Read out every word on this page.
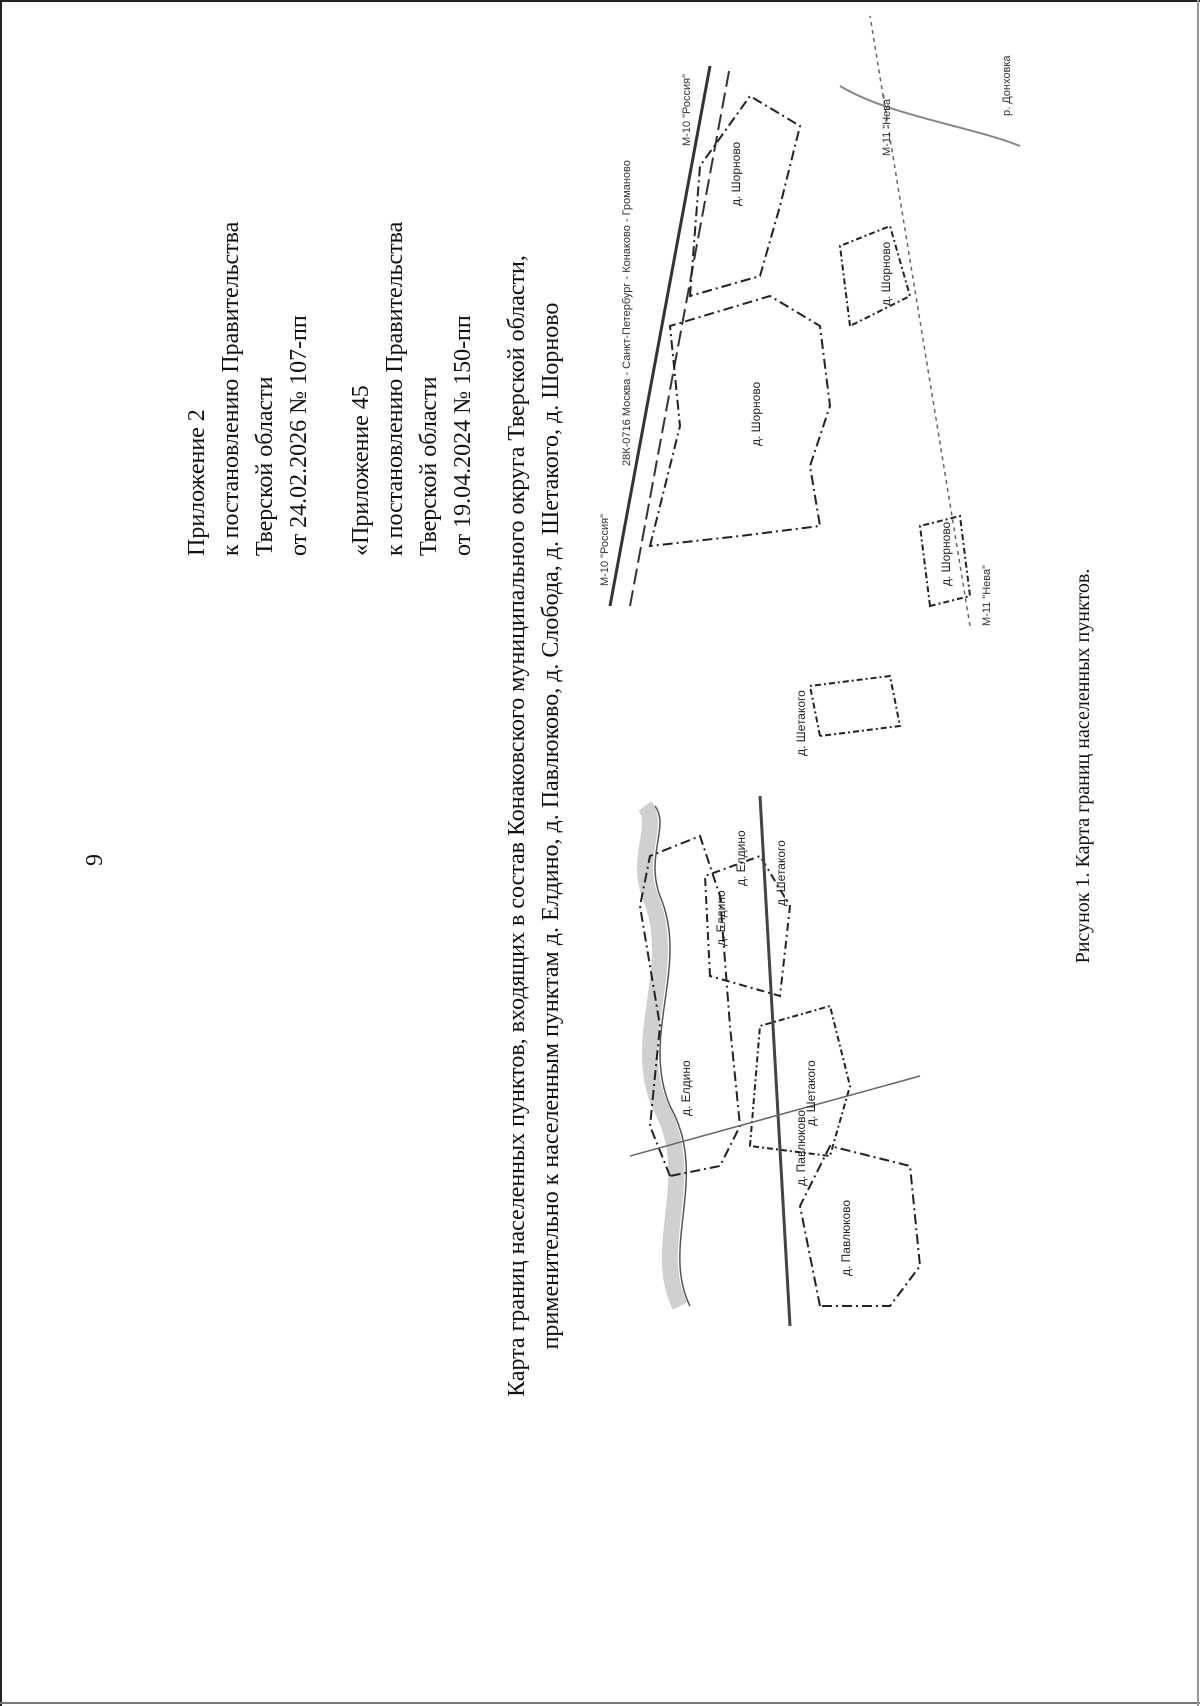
9
Приложение 2 к постановлению Правительства Тверской области от 24.02.2026 № 107-пп «Приложение 45 к постановлению Правительства Тверской области от 19.04.2024 № 150-пп Карта границ населенных пунктов, входящих в состав Конаковского муниципального округа Тверской области, применительно к населенным пунктам д. Елдино, д. Павлюково, д. Слобода, д. Шетакого, д. Шорново	д. Елдино
д. Елдино
д. Елдино
д. Шетакого
д. Шетакого
д. Шетакого
д. Павлюково
д. Павлюково
д. Шорново
д. Шорново
д. Шорново
д. Шорново
М-10 "Россия"
М-10 "Россия"
М-11 "Нева"
М-11 "Нева"
28К-0716 Москва - Санкт-Петербург - Конаково - Громаново
р. Донховка
Рисунок 1. Карта границ населенных пунктов.
